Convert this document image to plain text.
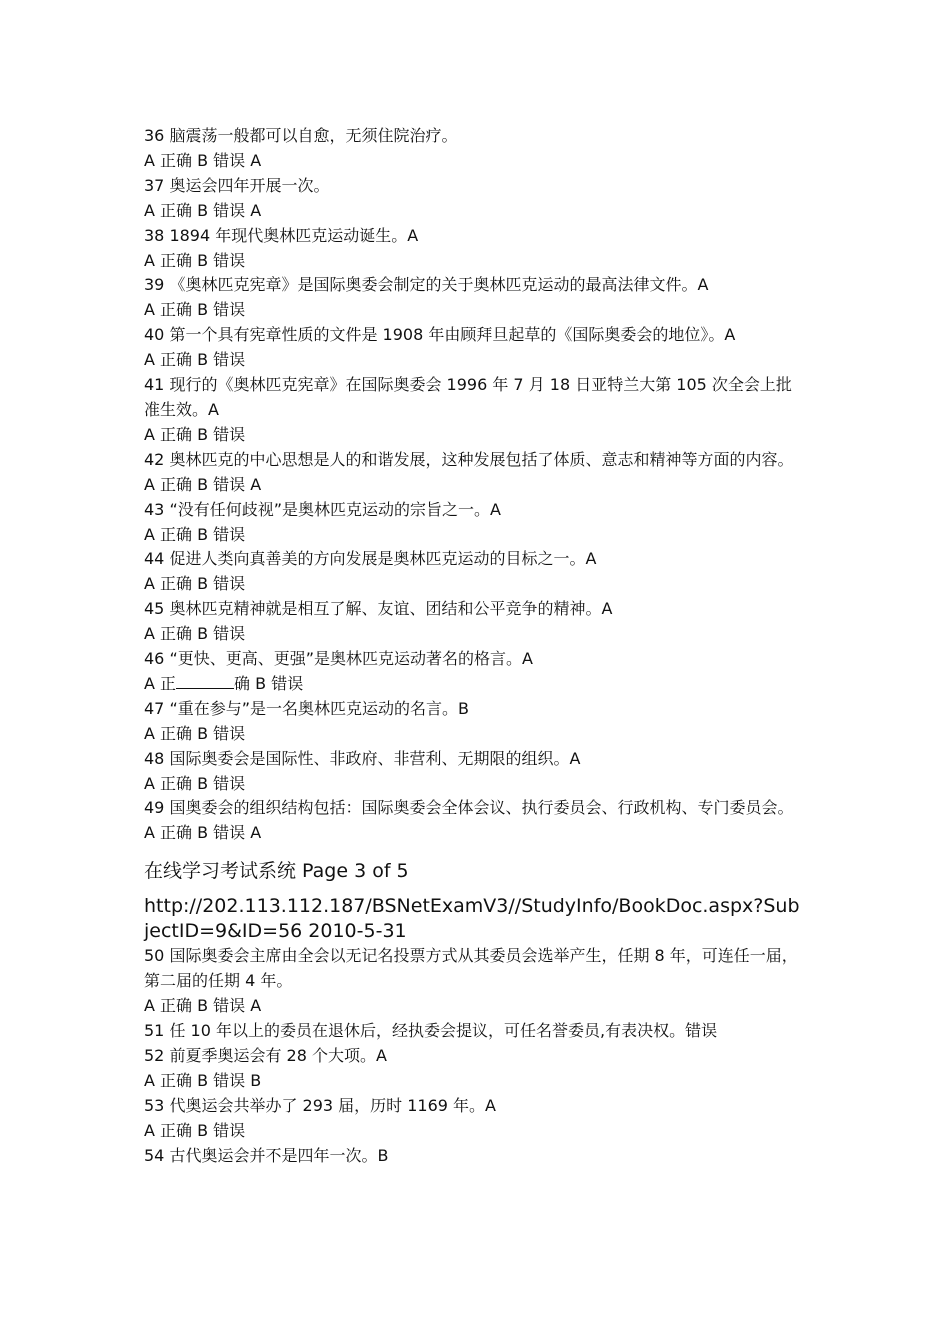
36 脑震荡一般都可以自愈，无须住院治疗。
A 正确 B 错误 A
37 奥运会四年开展一次。
A 正确 B 错误 A
38 1894 年现代奥林匹克运动诞生。A
A 正确 B 错误
39 《奥林匹克宪章》是国际奥委会制定的关于奥林匹克运动的最高法律文件。A
A 正确 B 错误
40 第一个具有宪章性质的文件是 1908 年由顾拜旦起草的《国际奥委会的地位》。A
A 正确 B 错误
41 现行的《奥林匹克宪章》在国际奥委会 1996 年 7 月 18 日亚特兰大第 105 次全会上批准生效。A
A 正确 B 错误
42 奥林匹克的中心思想是人的和谐发展，这种发展包括了体质、意志和精神等方面的内容。
A 正确 B 错误 A
43 “没有任何歧视”是奥林匹克运动的宗旨之一。A
A 正确 B 错误
44 促进人类向真善美的方向发展是奥林匹克运动的目标之一。A
A 正确 B 错误
45 奥林匹克精神就是相互了解、友谊、团结和公平竞争的精神。A
A 正确 B 错误
46 “更快、更高、更强”是奥林匹克运动著名的格言。A
A 正	确 B 错误
47 “重在参与”是一名奥林匹克运动的名言。B
A 正确 B 错误
48 国际奥委会是国际性、非政府、非营利、无期限的组织。A
A 正确 B 错误
49 国奥委会的组织结构包括：国际奥委会全体会议、执行委员会、行政机构、专门委员会。
A 正确 B 错误 A
在线学习考试系统 Page 3 of 5
http://202.113.112.187/BSNetExamV3//StudyInfo/BookDoc.aspx?SubjectID=9&ID=56 2010-5-31
50 国际奥委会主席由全会以无记名投票方式从其委员会选举产生，任期 8 年，可连任一届，第二届的任期 4 年。
A 正确 B 错误 A
51 任 10 年以上的委员在退休后，经执委会提议，可任名誉委员,有表决权。错误
52 前夏季奥运会有 28 个大项。A
A 正确 B 错误 B
53 代奥运会共举办了 293 届，历时 1169 年。A
A 正确 B 错误
54 古代奥运会并不是四年一次。B
